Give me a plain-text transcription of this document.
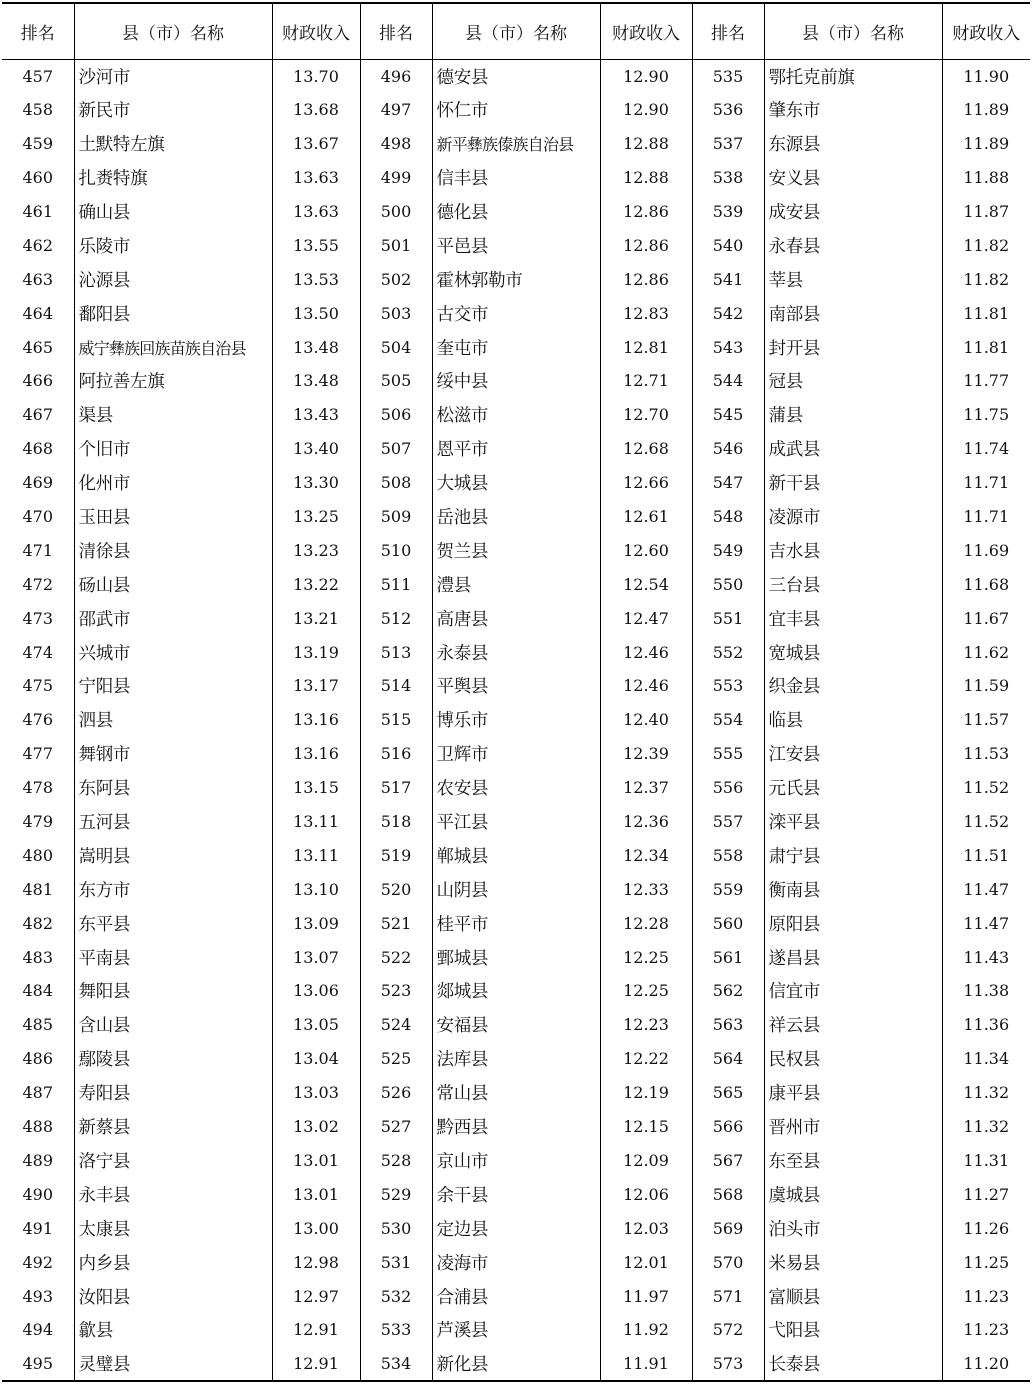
排名	县（市）名称	财政收入	排名	县（市）名称	财政收入	排名	县（市）名称	财政收入
457	沙河市	13.70	496	德安县	12.90	535	鄂托克前旗	11.90
458	新民市	13.68	497	怀仁市	12.90	536	肇东市	11.89
459	土默特左旗	13.67	498	新平彝族傣族自治县	12.88	537	东源县	11.89
460	扎赉特旗	13.63	499	信丰县	12.88	538	安义县	11.88
461	确山县	13.63	500	德化县	12.86	539	成安县	11.87
462	乐陵市	13.55	501	平邑县	12.86	540	永春县	11.82
463	沁源县	13.53	502	霍林郭勒市	12.86	541	莘县	11.82
464	鄱阳县	13.50	503	古交市	12.83	542	南部县	11.81
465	威宁彝族回族苗族自治县	13.48	504	奎屯市	12.81	543	封开县	11.81
466	阿拉善左旗	13.48	505	绥中县	12.71	544	冠县	11.77
467	渠县	13.43	506	松滋市	12.70	545	蒲县	11.75
468	个旧市	13.40	507	恩平市	12.68	546	成武县	11.74
469	化州市	13.30	508	大城县	12.66	547	新干县	11.71
470	玉田县	13.25	509	岳池县	12.61	548	凌源市	11.71
471	清徐县	13.23	510	贺兰县	12.60	549	吉水县	11.69
472	砀山县	13.22	511	澧县	12.54	550	三台县	11.68
473	邵武市	13.21	512	高唐县	12.47	551	宜丰县	11.67
474	兴城市	13.19	513	永泰县	12.46	552	宽城县	11.62
475	宁阳县	13.17	514	平舆县	12.46	553	织金县	11.59
476	泗县	13.16	515	博乐市	12.40	554	临县	11.57
477	舞钢市	13.16	516	卫辉市	12.39	555	江安县	11.53
478	东阿县	13.15	517	农安县	12.37	556	元氏县	11.52
479	五河县	13.11	518	平江县	12.36	557	滦平县	11.52
480	嵩明县	13.11	519	郸城县	12.34	558	肃宁县	11.51
481	东方市	13.10	520	山阴县	12.33	559	衡南县	11.47
482	东平县	13.09	521	桂平市	12.28	560	原阳县	11.47
483	平南县	13.07	522	鄄城县	12.25	561	遂昌县	11.43
484	舞阳县	13.06	523	郯城县	12.25	562	信宜市	11.38
485	含山县	13.05	524	安福县	12.23	563	祥云县	11.36
486	鄢陵县	13.04	525	法库县	12.22	564	民权县	11.34
487	寿阳县	13.03	526	常山县	12.19	565	康平县	11.32
488	新蔡县	13.02	527	黔西县	12.15	566	晋州市	11.32
489	洛宁县	13.01	528	京山市	12.09	567	东至县	11.31
490	永丰县	13.01	529	余干县	12.06	568	虞城县	11.27
491	太康县	13.00	530	定边县	12.03	569	泊头市	11.26
492	内乡县	12.98	531	凌海市	12.01	570	米易县	11.25
493	汝阳县	12.97	532	合浦县	11.97	571	富顺县	11.23
494	歙县	12.91	533	芦溪县	11.92	572	弋阳县	11.23
495	灵璧县	12.91	534	新化县	11.91	573	长泰县	11.20
